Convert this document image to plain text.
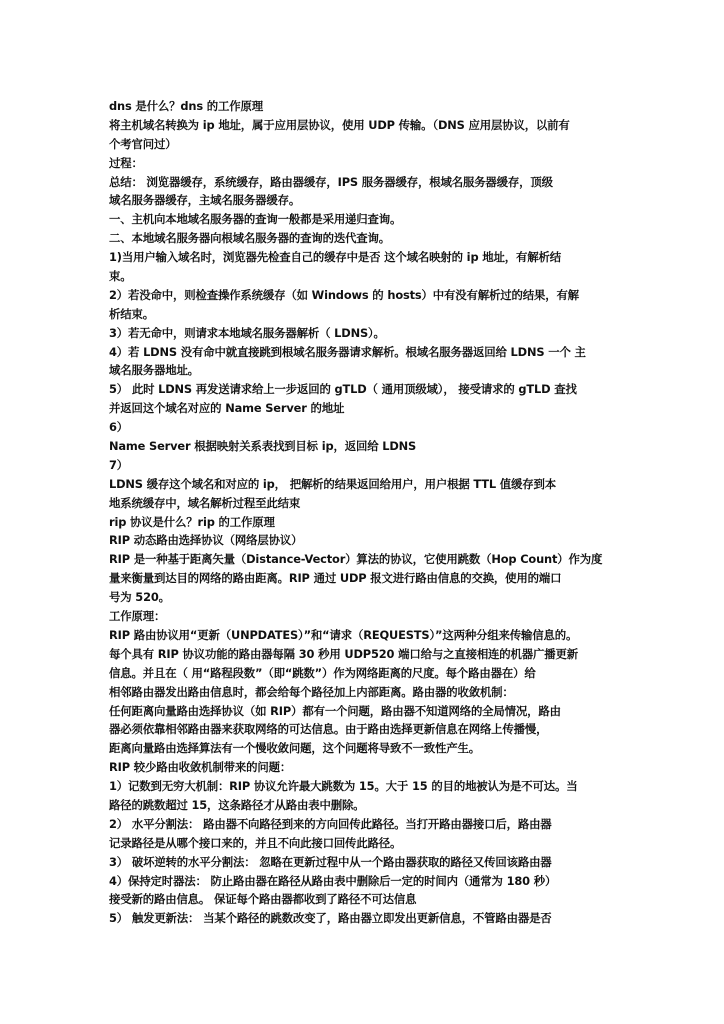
dns 是什么？dns 的工作原理
将主机域名转换为 ip 地址，属于应用层协议，使用 UDP 传输。（DNS 应用层协议，以前有
个考官问过）
过程：
总结： 浏览器缓存，系统缓存，路由器缓存，IPS 服务器缓存，根域名服务器缓存，顶级
域名服务器缓存，主域名服务器缓存。
一、主机向本地域名服务器的查询一般都是采用递归查询。
二、本地域名服务器向根域名服务器的查询的迭代查询。
1)当用户输入域名时，浏览器先检查自己的缓存中是否 这个域名映射的 ip 地址，有解析结
束。
2）若没命中，则检查操作系统缓存（如 Windows 的 hosts）中有没有解析过的结果，有解
析结束。
3）若无命中，则请求本地域名服务器解析（ LDNS）。
4）若 LDNS 没有命中就直接跳到根域名服务器请求解析。根域名服务器返回给 LDNS 一个 主
域名服务器地址。
5） 此时 LDNS 再发送请求给上一步返回的 gTLD（ 通用顶级域）， 接受请求的 gTLD 查找
并返回这个域名对应的 Name Server 的地址
6）
Name Server 根据映射关系表找到目标 ip，返回给 LDNS
7）
LDNS 缓存这个域名和对应的 ip， 把解析的结果返回给用户，用户根据 TTL 值缓存到本
地系统缓存中，域名解析过程至此结束
rip 协议是什么？rip 的工作原理
RIP 动态路由选择协议（网络层协议）
RIP 是一种基于距离矢量（Distance-Vector）算法的协议，它使用跳数（Hop Count）作为度
量来衡量到达目的网络的路由距离。RIP 通过 UDP 报文进行路由信息的交换，使用的端口
号为 520。
工作原理：
RIP 路由协议用“更新（UNPDATES）”和“请求（REQUESTS）”这两种分组来传输信息的。
每个具有 RIP 协议功能的路由器每隔 30 秒用 UDP520 端口给与之直接相连的机器广播更新
信息。并且在（ 用“路程段数”（即“跳数”）作为网络距离的尺度。每个路由器在）给
相邻路由器发出路由信息时，都会给每个路径加上内部距离。路由器的收敛机制：
任何距离向量路由选择协议（如 RIP）都有一个问题，路由器不知道网络的全局情况，路由
器必须依靠相邻路由器来获取网络的可达信息。由于路由选择更新信息在网络上传播慢，
距离向量路由选择算法有一个慢收敛问题，这个问题将导致不一致性产生。
RIP 较少路由收敛机制带来的问题：
1）记数到无穷大机制：RIP 协议允许最大跳数为 15。大于 15 的目的地被认为是不可达。当
路径的跳数超过 15，这条路径才从路由表中删除。
2） 水平分割法： 路由器不向路径到来的方向回传此路径。当打开路由器接口后，路由器
记录路径是从哪个接口来的，并且不向此接口回传此路径。
3） 破坏逆转的水平分割法： 忽略在更新过程中从一个路由器获取的路径又传回该路由器
4）保持定时器法： 防止路由器在路径从路由表中删除后一定的时间内（通常为 180 秒）
接受新的路由信息。 保证每个路由器都收到了路径不可达信息
5） 触发更新法： 当某个路径的跳数改变了，路由器立即发出更新信息，不管路由器是否
